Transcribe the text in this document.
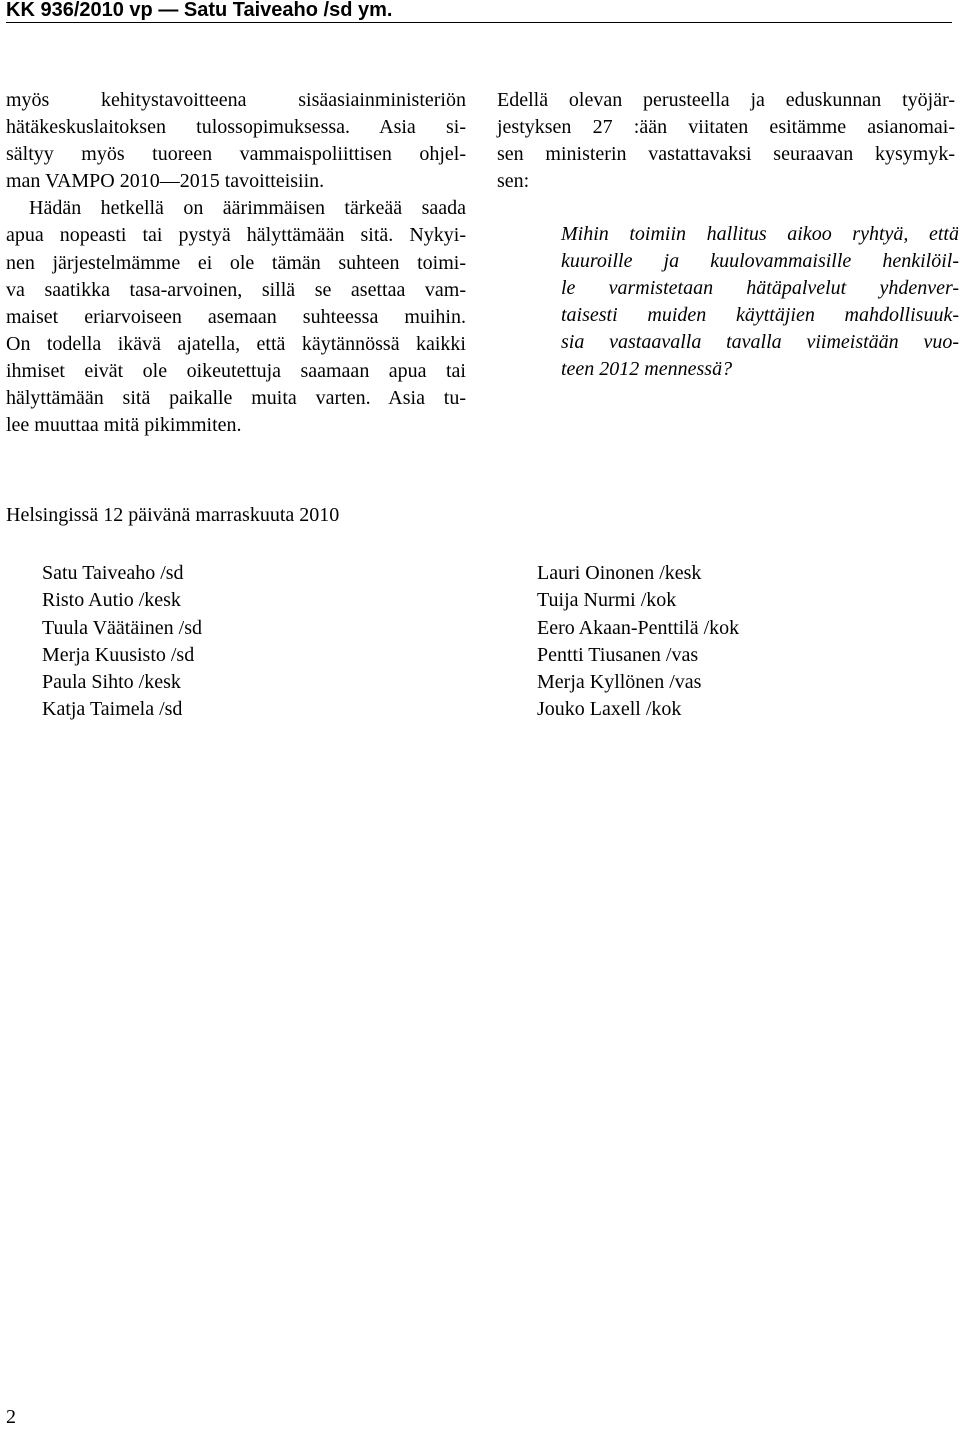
KK 936/2010 vp — Satu Taiveaho /sd ym.
myös kehitystavoitteena sisäasiainministeriön
hätäkeskuslaitoksen tulossopimuksessa. Asia si-
sältyy myös tuoreen vammaispoliittisen ohjel-
man VAMPO 2010—2015 tavoitteisiin.
Hädän hetkellä on äärimmäisen tärkeää saada
apua nopeasti tai pystyä hälyttämään sitä. Nykyi-
nen järjestelmämme ei ole tämän suhteen toimi-
va saatikka tasa-arvoinen, sillä se asettaa vam-
maiset eriarvoiseen asemaan suhteessa muihin.
On todella ikävä ajatella, että käytännössä kaikki
ihmiset eivät ole oikeutettuja saamaan apua tai
hälyttämään sitä paikalle muita varten. Asia tu-
lee muuttaa mitä pikimmiten.
Edellä olevan perusteella ja eduskunnan työjär-
jestyksen 27 :ään viitaten esitämme asianomai-
sen ministerin vastattavaksi seuraavan kysymyk-
sen:
Mihin toimiin hallitus aikoo ryhtyä, että
kuuroille ja kuulovammaisille henkilöil-
le varmistetaan hätäpalvelut yhdenver-
taisesti muiden käyttäjien mahdollisuuk-
sia vastaavalla tavalla viimeistään vuo-
teen 2012 mennessä?
Helsingissä 12 päivänä marraskuuta 2010
Satu Taiveaho /sd
Risto Autio /kesk
Tuula Väätäinen /sd
Merja Kuusisto /sd
Paula Sihto /kesk
Katja Taimela /sd
Lauri Oinonen /kesk
Tuija Nurmi /kok
Eero Akaan-Penttilä /kok
Pentti Tiusanen /vas
Merja Kyllönen /vas
Jouko Laxell /kok
2
